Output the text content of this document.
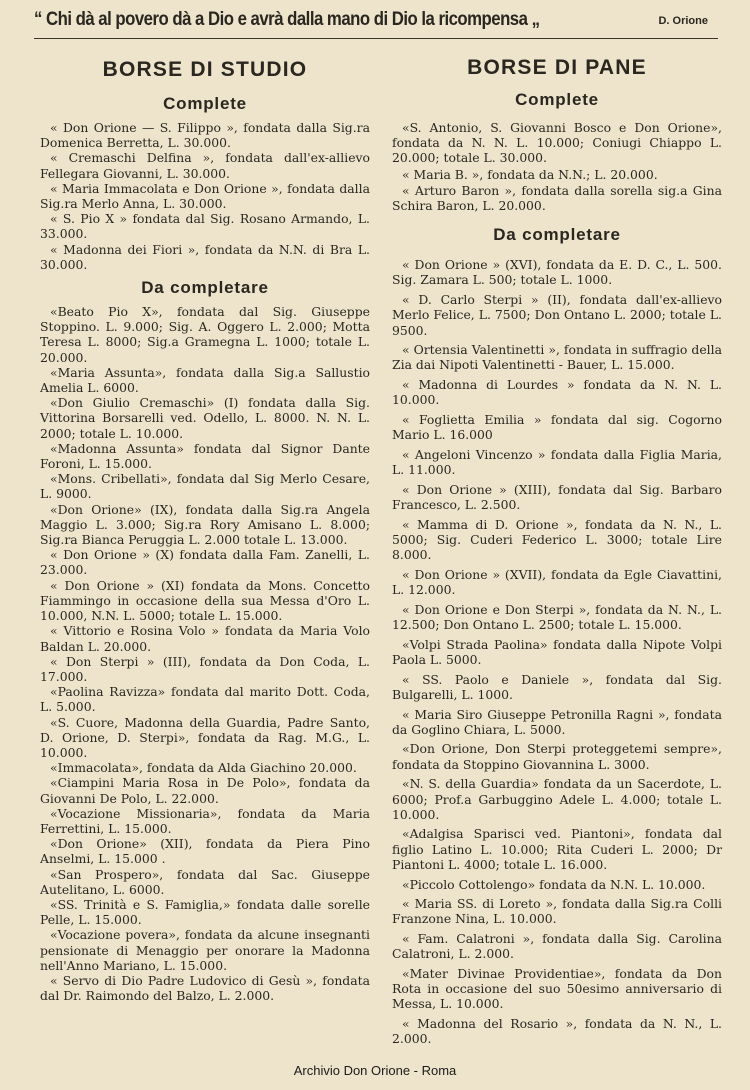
“ Chi dà al povero dà a Dio e avrà dalla mano di Dio la ricompensa „	D. Orione
BORSE DI STUDIO
Complete

« Don Orione — S. Filippo », fondata dalla Sig.ra Domenica Berretta, L. 30.000.

« Cremaschi Delfina », fondata dall'ex-allievo Fellegara Giovanni, L. 30.000.

« Maria Immacolata e Don Orione », fondata dalla Sig.ra Merlo Anna, L. 30.000.

« S. Pio X » fondata dal Sig. Rosano Armando, L. 33.000.

« Madonna dei Fiori », fondata da N.N. di Bra L. 30.000.

Da completare

«Beato Pio X», fondata dal Sig. Giuseppe Stoppino. L. 9.000; Sig. A. Oggero L. 2.000; Motta Teresa L. 8000; Sig.a Gramegna L. 1000; totale L. 20.000.

«Maria Assunta», fondata dalla Sig.a Sallustio Amelia L. 6000.

«Don Giulio Cremaschi» (I) fondata dalla Sig. Vittorina Borsarelli ved. Odello, L. 8000. N. N. L. 2000; totale L. 10.000.

«Madonna Assunta» fondata dal Signor Dante Foroni, L. 15.000.

«Mons. Cribellati», fondata dal Sig Merlo Cesare, L. 9000.

«Don Orione» (IX), fondata dalla Sig.ra Angela Maggio L. 3.000; Sig.ra Rory Amisano L. 8.000; Sig.ra Bianca Peruggia L. 2.000 totale L. 13.000.

« Don Orione » (X) fondata dalla Fam. Zanelli, L. 23.000.

« Don Orione » (XI) fondata da Mons. Concetto Fiammingo in occasione della sua Messa d'Oro L. 10.000, N.N. L. 5000; totale L. 15.000.

« Vittorio e Rosina Volo » fondata da Maria Volo Baldan L. 20.000.

« Don Sterpi » (III), fondata da Don Coda, L. 17.000.

«Paolina Ravizza» fondata dal marito Dott. Coda, L. 5.000.

«S. Cuore, Madonna della Guardia, Padre Santo, D. Orione, D. Sterpi», fondata da Rag. M.G., L. 10.000.

«Immacolata», fondata da Alda Giachino 20.000.

«Ciampini Maria Rosa in De Polo», fondata da Giovanni De Polo, L. 22.000.

«Vocazione Missionaria», fondata da Maria Ferrettini, L. 15.000.

«Don Orione» (XII), fondata da Piera Pino Anselmi, L. 15.000 .

«San Prospero», fondata dal Sac. Giuseppe Autelitano, L. 6000.

«SS. Trinità e S. Famiglia,» fondata dalle sorelle Pelle, L. 15.000.

«Vocazione povera», fondata da alcune insegnanti pensionate di Menaggio per onorare la Madonna nell'Anno Mariano, L. 15.000.

« Servo di Dio Padre Ludovico di Gesù », fondata dal Dr. Raimondo del Balzo, L. 2.000.

BORSE DI PANE
Complete

«S. Antonio, S. Giovanni Bosco e Don Orione», fondata da N. N. L. 10.000; Coniugi Chiappo L. 20.000; totale L. 30.000.

« Maria B. », fondata da N.N.; L. 20.000.

« Arturo Baron », fondata dalla sorella sig.a Gina Schira Baron, L. 20.000.

Da completare

« Don Orione » (XVI), fondata da E. D. C., L. 500. Sig. Zamara L. 500; totale L. 1000.

« D. Carlo Sterpi » (II), fondata dall'ex-allievo Merlo Felice, L. 7500; Don Ontano L. 2000; totale L. 9500.

« Ortensia Valentinetti », fondata in suffragio della Zia dai Nipoti Valentinetti - Bauer, L. 15.000.

« Madonna di Lourdes » fondata da N. N. L. 10.000.

« Foglietta Emilia » fondata dal sig. Cogorno Mario L. 16.000

« Angeloni Vincenzo » fondata dalla Figlia Maria, L. 11.000.

« Don Orione » (XIII), fondata dal Sig. Barbaro Francesco, L. 2.500.

« Mamma di D. Orione », fondata da N. N., L. 5000; Sig. Cuderi Federico L. 3000; totale Lire 8.000.

« Don Orione » (XVII), fondata da Egle Ciavattini, L. 12.000.

« Don Orione e Don Sterpi », fondata da N. N., L. 12.500; Don Ontano L. 2500; totale L. 15.000.

«Volpi Strada Paolina» fondata dalla Nipote Volpi Paola L. 5000.

« SS. Paolo e Daniele », fondata dal Sig. Bulgarelli, L. 1000.

« Maria Siro Giuseppe Petronilla Ragni », fondata da Goglino Chiara, L. 5000.

«Don Orione, Don Sterpi proteggetemi sempre», fondata da Stoppino Giovannina L. 3000.

«N. S. della Guardia» fondata da un Sacerdote, L. 6000; Prof.a Garbuggino Adele L. 4.000; totale L. 10.000.

«Adalgisa Sparisci ved. Piantoni», fondata dal figlio Latino L. 10.000; Rita Cuderi L. 2000; Dr Piantoni L. 4000; totale L. 16.000.

«Piccolo Cottolengo» fondata da N.N. L. 10.000.

« Maria SS. di Loreto », fondata dalla Sig.ra Colli Franzone Nina, L. 10.000.

« Fam. Calatroni », fondata dalla Sig. Carolina Calatroni, L. 2.000.

«Mater Divinae Providentiae», fondata da Don Rota in occasione del suo 50esimo anniversario di Messa, L. 10.000.

« Madonna del Rosario », fondata da N. N., L. 2.000.

Archivio Don Orione - Roma
